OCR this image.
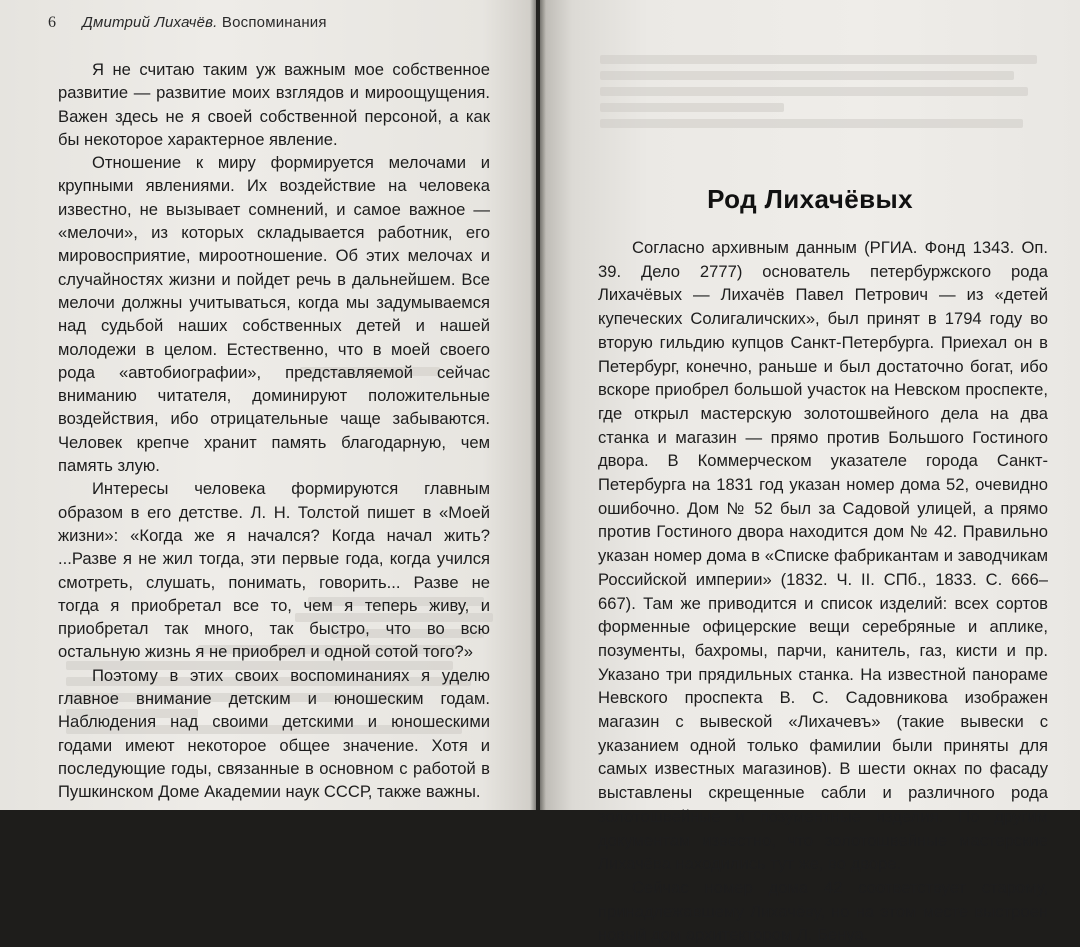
6 Дмитрий Лихачёв. Воспоминания

Я не считаю таким уж важным мое собственное развитие — развитие моих взглядов и мироощущения. Важен здесь не я своей собственной персоной, а как бы некоторое характерное явление.

Отношение к миру формируется мелочами и крупными явлениями. Их воздействие на человека известно, не вызывает сомнений, и самое важное — «мелочи», из которых складывается работник, его мировосприятие, мироотношение. Об этих мелочах и случайностях жизни и пойдет речь в дальнейшем. Все мелочи должны учитываться, когда мы задумываемся над судьбой наших собственных детей и нашей молодежи в целом. Естественно, что в моей своего рода «автобиографии», представляемой сейчас вниманию читателя, доминируют положительные воздействия, ибо отрицательные чаще забываются. Человек крепче хранит память благодарную, чем память злую.

Интересы человека формируются главным образом в его детстве. Л. Н. Толстой пишет в «Моей жизни»: «Когда же я начался? Когда начал жить? ...Разве я не жил тогда, эти первые года, когда учился смотреть, слушать, понимать, говорить... Разве не тогда я приобретал все то, чем я теперь живу, и приобретал так много, так быстро, что во всю остальную жизнь я не приобрел и одной сотой того?»

Поэтому в этих своих воспоминаниях я уделю главное внимание детским и юношеским годам. Наблюдения над своими детскими и юношескими годами имеют некоторое общее значение. Хотя и последующие годы, связанные в основном с работой в Пушкинском Доме Академии наук СССР, также важны.

Род Лихачёвых

Согласно архивным данным (РГИА. Фонд 1343. Оп. 39. Дело 2777) основатель петербуржского рода Лихачёвых — Лихачёв Павел Петрович — из «детей купеческих Солигаличских», был принят в 1794 году во вторую гильдию купцов Санкт-Петербурга. Приехал он в Петербург, конечно, раньше и был достаточно богат, ибо вскоре приобрел большой участок на Невском проспекте, где открыл мастерскую золотошвейного дела на два станка и магазин — прямо против Большого Гостиного двора. В Коммерческом указателе города Санкт-Петербурга на 1831 год указан номер дома 52, очевидно ошибочно. Дом № 52 был за Садовой улицей, а прямо против Гостиного двора находится дом № 42. Правильно указан номер дома в «Списке фабрикантам и заводчикам Российской империи» (1832. Ч. II. СПб., 1833. С. 666–667). Там же приводится и список изделий: всех сортов форменные офицерские вещи серебряные и аплике, позументы, бахромы, парчи, канитель, газ, кисти и пр. Указано три прядильных станка. На известной панораме Невского проспекта В. С. Садовникова изображен магазин с вывеской «Лихачевъ» (такие вывески с указанием одной только фамилии были приняты для самых известных магазинов). В шести окнах по фасаду выставлены скрещенные сабли и различного рода золотошвейные и позументные изделия. По другим документам известно, что золотошвейные мастерские Лихачёва находились тут же, во дворе.

Сейчас номер дома 42 соответствует старому, принадлежавшему Лихачёву, но на этом месте выстроен новый дом архитектором Л. Бенуа.
